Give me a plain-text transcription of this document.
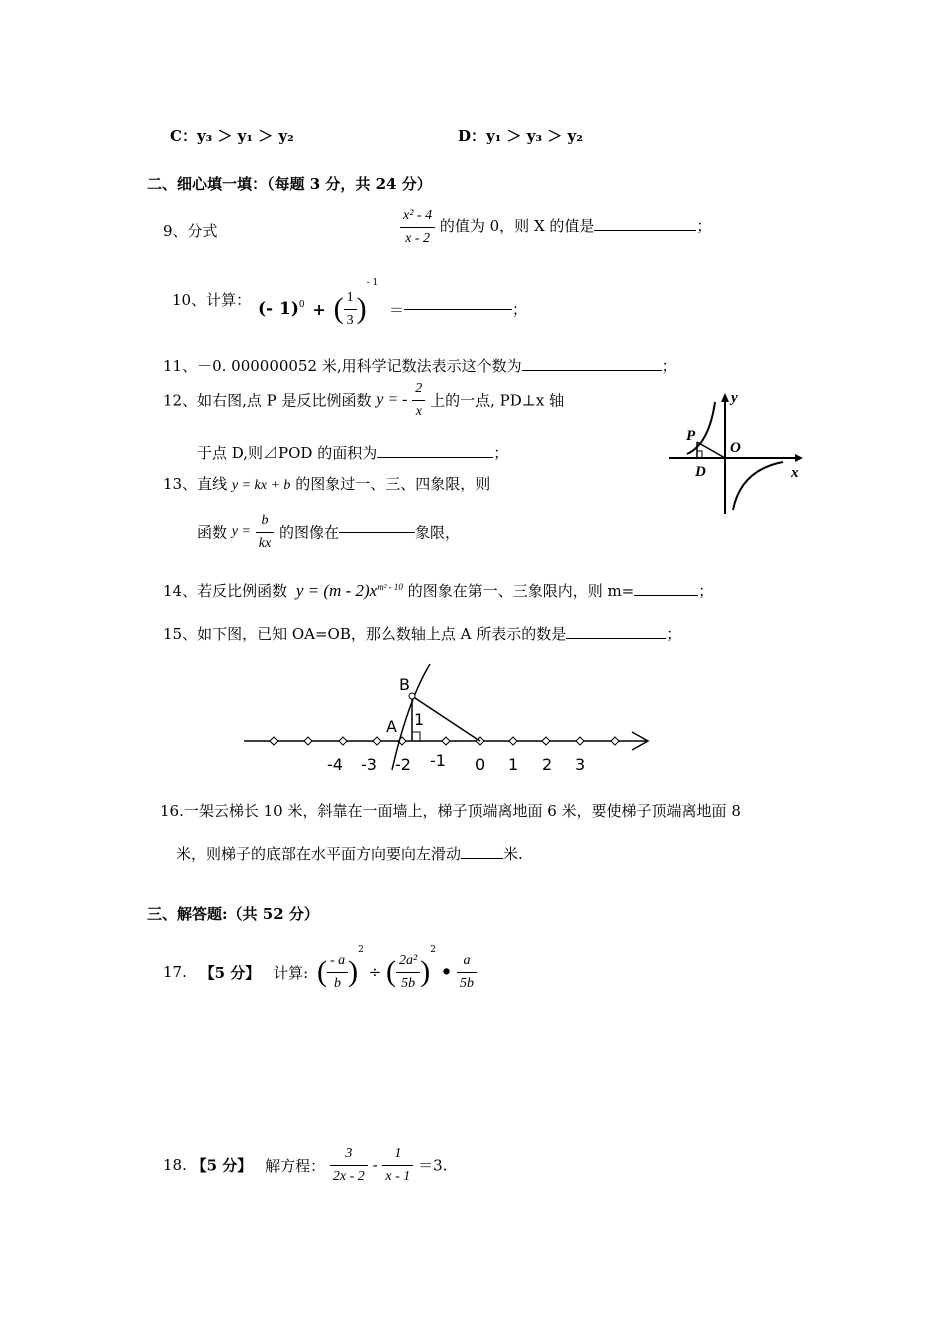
C：y₃ ＞ y₁ ＞ y₂	D：y₁ ＞ y₃ ＞ y₂
二、细心填一填：（每题 3 分，共 24 分）
9、分式	$\frac{\text{x² - 4}}{x - 2}$ 的值为 0，则 X 的值是	；
10、计算： (- 1)$^0$ + ( $\frac{1}{3} )^{- 1}$ ＝	；
11、－0. 000000052 米,用科学记数法表示这个数为	；
12、如右图,点 P 是反比例函数 y = - $\frac{2}{x}$ 上的一点, PD⊥x 轴
于点 D,则⊿POD 的面积为	；
y
x
O
P
D
13、直线 y = kx + b 的图象过一、三、四象限，则
函数 $y = \frac{b}{kx}$ 的图像在	象限，
14、若反比例函数 $y = (m - 2)x^{m^2 - 10}$ 的图象在第一、三象限内，则 m=	；
15、如下图，已知 OA=OB，那么数轴上点 A 所表示的数是	；
B
A 1
-4 -3 -2 -1 0 1 2 3
16.一架云梯长 10 米，斜靠在一面墙上，梯子顶端离地面 6 米，要使梯子顶端离地面 8
米，则梯子的底部在水平面方向要向左滑动	米.
三、解答题:（共 52 分）
17. 【5 分】 计算: ( $\frac{- a}{b} )^2$ ÷ ( $\frac{\text{2a²}}{5b} )^2$ • $\frac{a}{5b}$
18. 【5 分】 解方程： $\frac{3}{2x - 2} - \frac{1}{x - 1} =3$.
